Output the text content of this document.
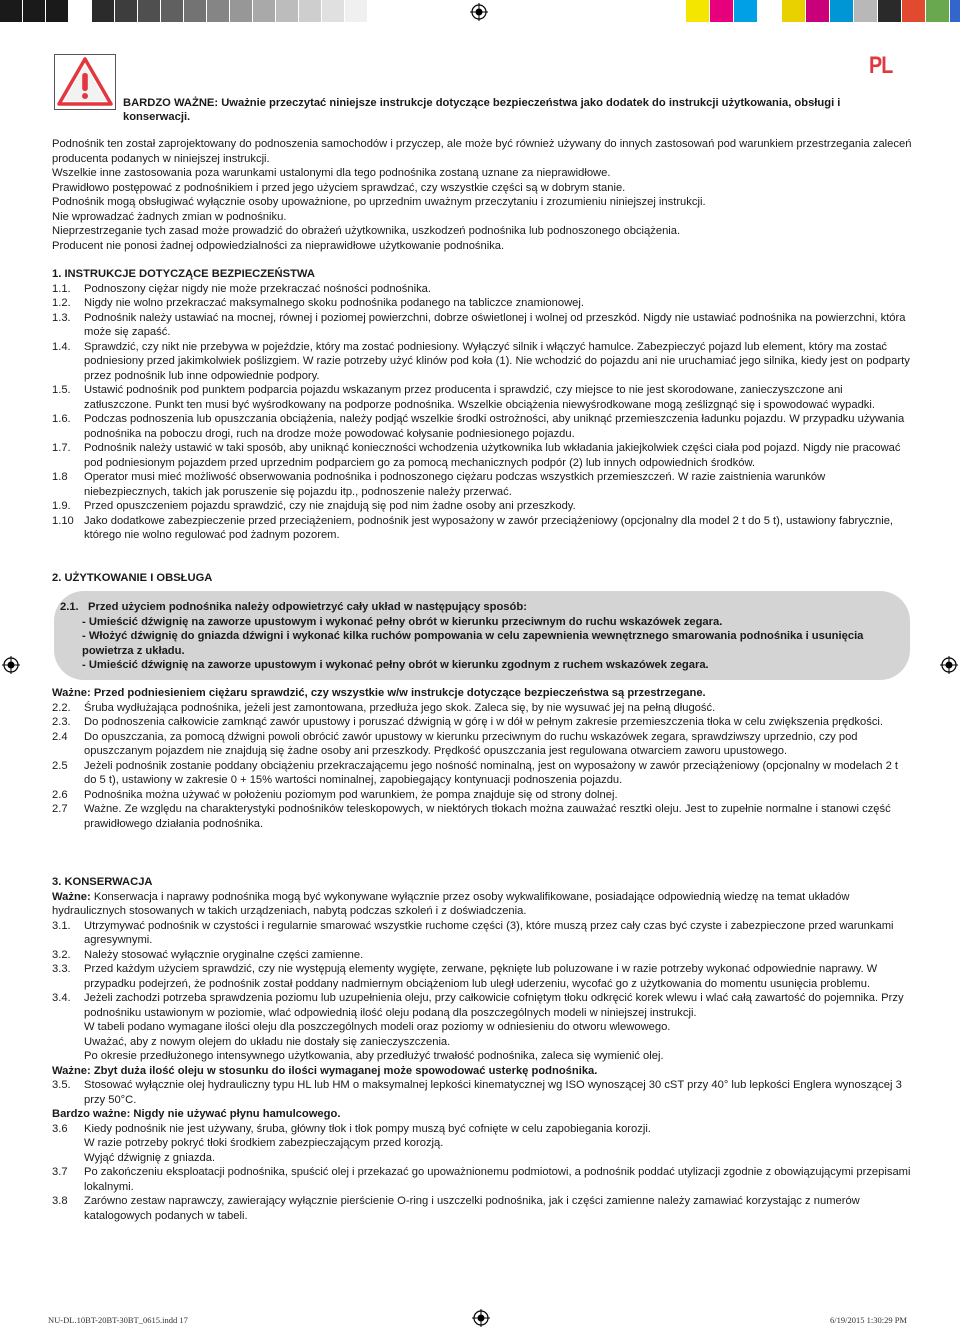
PL
BARDZO WAŻNE: Uważnie przeczytać niniejsze instrukcje dotyczące bezpieczeństwa jako dodatek do instrukcji użytkowania, obsługi i konserwacji.

Podnośnik ten został zaprojektowany do podnoszenia samochodów i przyczep, ale może być również używany do innych zastosowań pod warunkiem przestrzegania zaleceń producenta podanych w niniejszej instrukcji.

Wszelkie inne zastosowania poza warunkami ustalonymi dla tego podnośnika zostaną uznane za nieprawidłowe.

Prawidłowo postępować z podnośnikiem i przed jego użyciem sprawdzać, czy wszystkie części są w dobrym stanie.

Podnośnik mogą obsługiwać wyłącznie osoby upoważnione, po uprzednim uważnym przeczytaniu i zrozumieniu niniejszej instrukcji.

Nie wprowadzać żadnych zmian w podnośniku.

Nieprzestrzeganie tych zasad może prowadzić do obrażeń użytkownika, uszkodzeń podnośnika lub podnoszonego obciążenia.

Producent nie ponosi żadnej odpowiedzialności za nieprawidłowe użytkowanie podnośnika.

1. INSTRUKCJE DOTYCZĄCE BEZPIECZEŃSTWA

1.1. Podnoszony ciężar nigdy nie może przekraczać nośności podnośnika.
1.2. Nigdy nie wolno przekraczać maksymalnego skoku podnośnika podanego na tabliczce znamionowej.
1.3. Podnośnik należy ustawiać na mocnej, równej i poziomej powierzchni, dobrze oświetlonej i wolnej od przeszkód. Nigdy nie ustawiać podnośnika na powierzchni, która może się zapaść.
1.4. Sprawdzić, czy nikt nie przebywa w pojeździe, który ma zostać podniesiony. Wyłączyć silnik i włączyć hamulce. Zabezpieczyć pojazd lub element, który ma zostać podniesiony przed jakimkolwiek poślizgiem. W razie potrzeby użyć klinów pod koła (1). Nie wchodzić do pojazdu ani nie uruchamiać jego silnika, kiedy jest on podparty przez podnośnik lub inne odpowiednie podpory.
1.5. Ustawić podnośnik pod punktem podparcia pojazdu wskazanym przez producenta i sprawdzić, czy miejsce to nie jest skorodowane, zanieczyszczone ani zatłuszczone. Punkt ten musi być wyśrodkowany na podporze podnośnika. Wszelkie obciążenia niewyśrodkowane mogą ześlizgnąć się i spowodować wypadki.
1.6. Podczas podnoszenia lub opuszczania obciążenia, należy podjąć wszelkie środki ostrożności, aby uniknąć przemieszczenia ładunku pojazdu. W przypadku używania podnośnika na poboczu drogi, ruch na drodze może powodować kołysanie podniesionego pojazdu.
1.7. Podnośnik należy ustawić w taki sposób, aby uniknąć konieczności wchodzenia użytkownika lub wkładania jakiejkolwiek części ciała pod pojazd. Nigdy nie pracować pod podniesionym pojazdem przed uprzednim podparciem go za pomocą mechanicznych podpór (2) lub innych odpowiednich środków.
1.8 Operator musi mieć możliwość obserwowania podnośnika i podnoszonego ciężaru podczas wszystkich przemieszczeń. W razie zaistnienia warunków niebezpiecznych, takich jak poruszenie się pojazdu itp., podnoszenie należy przerwać.
1.9. Przed opuszczeniem pojazdu sprawdzić, czy nie znajdują się pod nim żadne osoby ani przeszkody.
1.10 Jako dodatkowe zabezpieczenie przed przeciążeniem, podnośnik jest wyposażony w zawór przeciążeniowy (opcjonalny dla model 2 t do 5 t), ustawiony fabrycznie, którego nie wolno regulować pod żadnym pozorem.

2. UŻYTKOWANIE I OBSŁUGA

2.1. Przed użyciem podnośnika należy odpowietrzyć cały układ w następujący sposób:

- Umieścić dźwignię na zaworze upustowym i wykonać pełny obrót w kierunku przeciwnym do ruchu wskazówek zegara.

- Włożyć dźwignię do gniazda dźwigni i wykonać kilka ruchów pompowania w celu zapewnienia wewnętrznego smarowania podnośnika i usunięcia powietrza z układu.

- Umieścić dźwignię na zaworze upustowym i wykonać pełny obrót w kierunku zgodnym z ruchem wskazówek zegara.

Ważne: Przed podniesieniem ciężaru sprawdzić, czy wszystkie w/w instrukcje dotyczące bezpieczeństwa są przestrzegane.

2.2. Śruba wydłużająca podnośnika, jeżeli jest zamontowana, przedłuża jego skok. Zaleca się, by nie wysuwać jej na pełną długość.
2.3. Do podnoszenia całkowicie zamknąć zawór upustowy i poruszać dźwignią w górę i w dół w pełnym zakresie przemieszczenia tłoka w celu zwiększenia prędkości.
2.4 Do opuszczania, za pomocą dźwigni powoli obrócić zawór upustowy w kierunku przeciwnym do ruchu wskazówek zegara, sprawdziwszy uprzednio, czy pod opuszczanym pojazdem nie znajdują się żadne osoby ani przeszkody. Prędkość opuszczania jest regulowana otwarciem zaworu upustowego.
2.5 Jeżeli podnośnik zostanie poddany obciążeniu przekraczającemu jego nośność nominalną, jest on wyposażony w zawór przeciążeniowy (opcjonalny w modelach 2 t do 5 t), ustawiony w zakresie 0 + 15% wartości nominalnej, zapobiegający kontynuacji podnoszenia pojazdu.
2.6 Podnośnika można używać w położeniu poziomym pod warunkiem, że pompa znajduje się od strony dolnej.
2.7 Ważne. Ze względu na charakterystyki podnośników teleskopowych, w niektórych tłokach można zauważać resztki oleju. Jest to zupełnie normalne i stanowi część prawidłowego działania podnośnika.

3. KONSERWACJA

Ważne: Konserwacja i naprawy podnośnika mogą być wykonywane wyłącznie przez osoby wykwalifikowane, posiadające odpowiednią wiedzę na temat układów hydraulicznych stosowanych w takich urządzeniach, nabytą podczas szkoleń i z doświadczenia.

3.1. Utrzymywać podnośnik w czystości i regularnie smarować wszystkie ruchome części (3), które muszą przez cały czas być czyste i zabezpieczone przed warunkami agresywnymi.
3.2. Należy stosować wyłącznie oryginalne części zamienne.
3.3. Przed każdym użyciem sprawdzić, czy nie występują elementy wygięte, zerwane, pęknięte lub poluzowane i w razie potrzeby wykonać odpowiednie naprawy. W przypadku podejrzeń, że podnośnik został poddany nadmiernym obciążeniom lub uległ uderzeniu, wycofać go z użytkowania do momentu usunięcia problemu.
3.4. Jeżeli zachodzi potrzeba sprawdzenia poziomu lub uzupełnienia oleju, przy całkowicie cofniętym tłoku odkręcić korek wlewu i wlać całą zawartość do pojemnika. Przy podnośniku ustawionym w poziomie, wlać odpowiednią ilość oleju podaną dla poszczególnych modeli w niniejszej instrukcji.

W tabeli podano wymagane ilości oleju dla poszczególnych modeli oraz poziomy w odniesieniu do otworu wlewowego.

Uważać, aby z nowym olejem do układu nie dostały się zanieczyszczenia.

Po okresie przedłużonego intensywnego użytkowania, aby przedłużyć trwałość podnośnika, zaleca się wymienić olej.

Ważne: Zbyt duża ilość oleju w stosunku do ilości wymaganej może spowodować usterkę podnośnika.

3.5. Stosować wyłącznie olej hydrauliczny typu HL lub HM o maksymalnej lepkości kinematycznej wg ISO wynoszącej 30 cST przy 40° lub lepkości Englera wynoszącej 3 przy 50°C.

Bardzo ważne: Nigdy nie używać płynu hamulcowego.

3.6 Kiedy podnośnik nie jest używany, śruba, główny tłok i tłok pompy muszą być cofnięte w celu zapobiegania korozji.

W razie potrzeby pokryć tłoki środkiem zabezpieczającym przed korozją.

Wyjąć dźwignię z gniazda.

3.7 Po zakończeniu eksploatacji podnośnika, spuścić olej i przekazać go upoważnionemu podmiotowi, a podnośnik poddać utylizacji zgodnie z obowiązującymi przepisami lokalnymi.
3.8 Zarówno zestaw naprawczy, zawierający wyłącznie pierścienie O-ring i uszczelki podnośnika, jak i części zamienne należy zamawiać korzystając z numerów katalogowych podanych w tabeli.
NU-DL.10BT-20BT-30BT_0615.indd 17	6/19/2015 1:30:29 PM
